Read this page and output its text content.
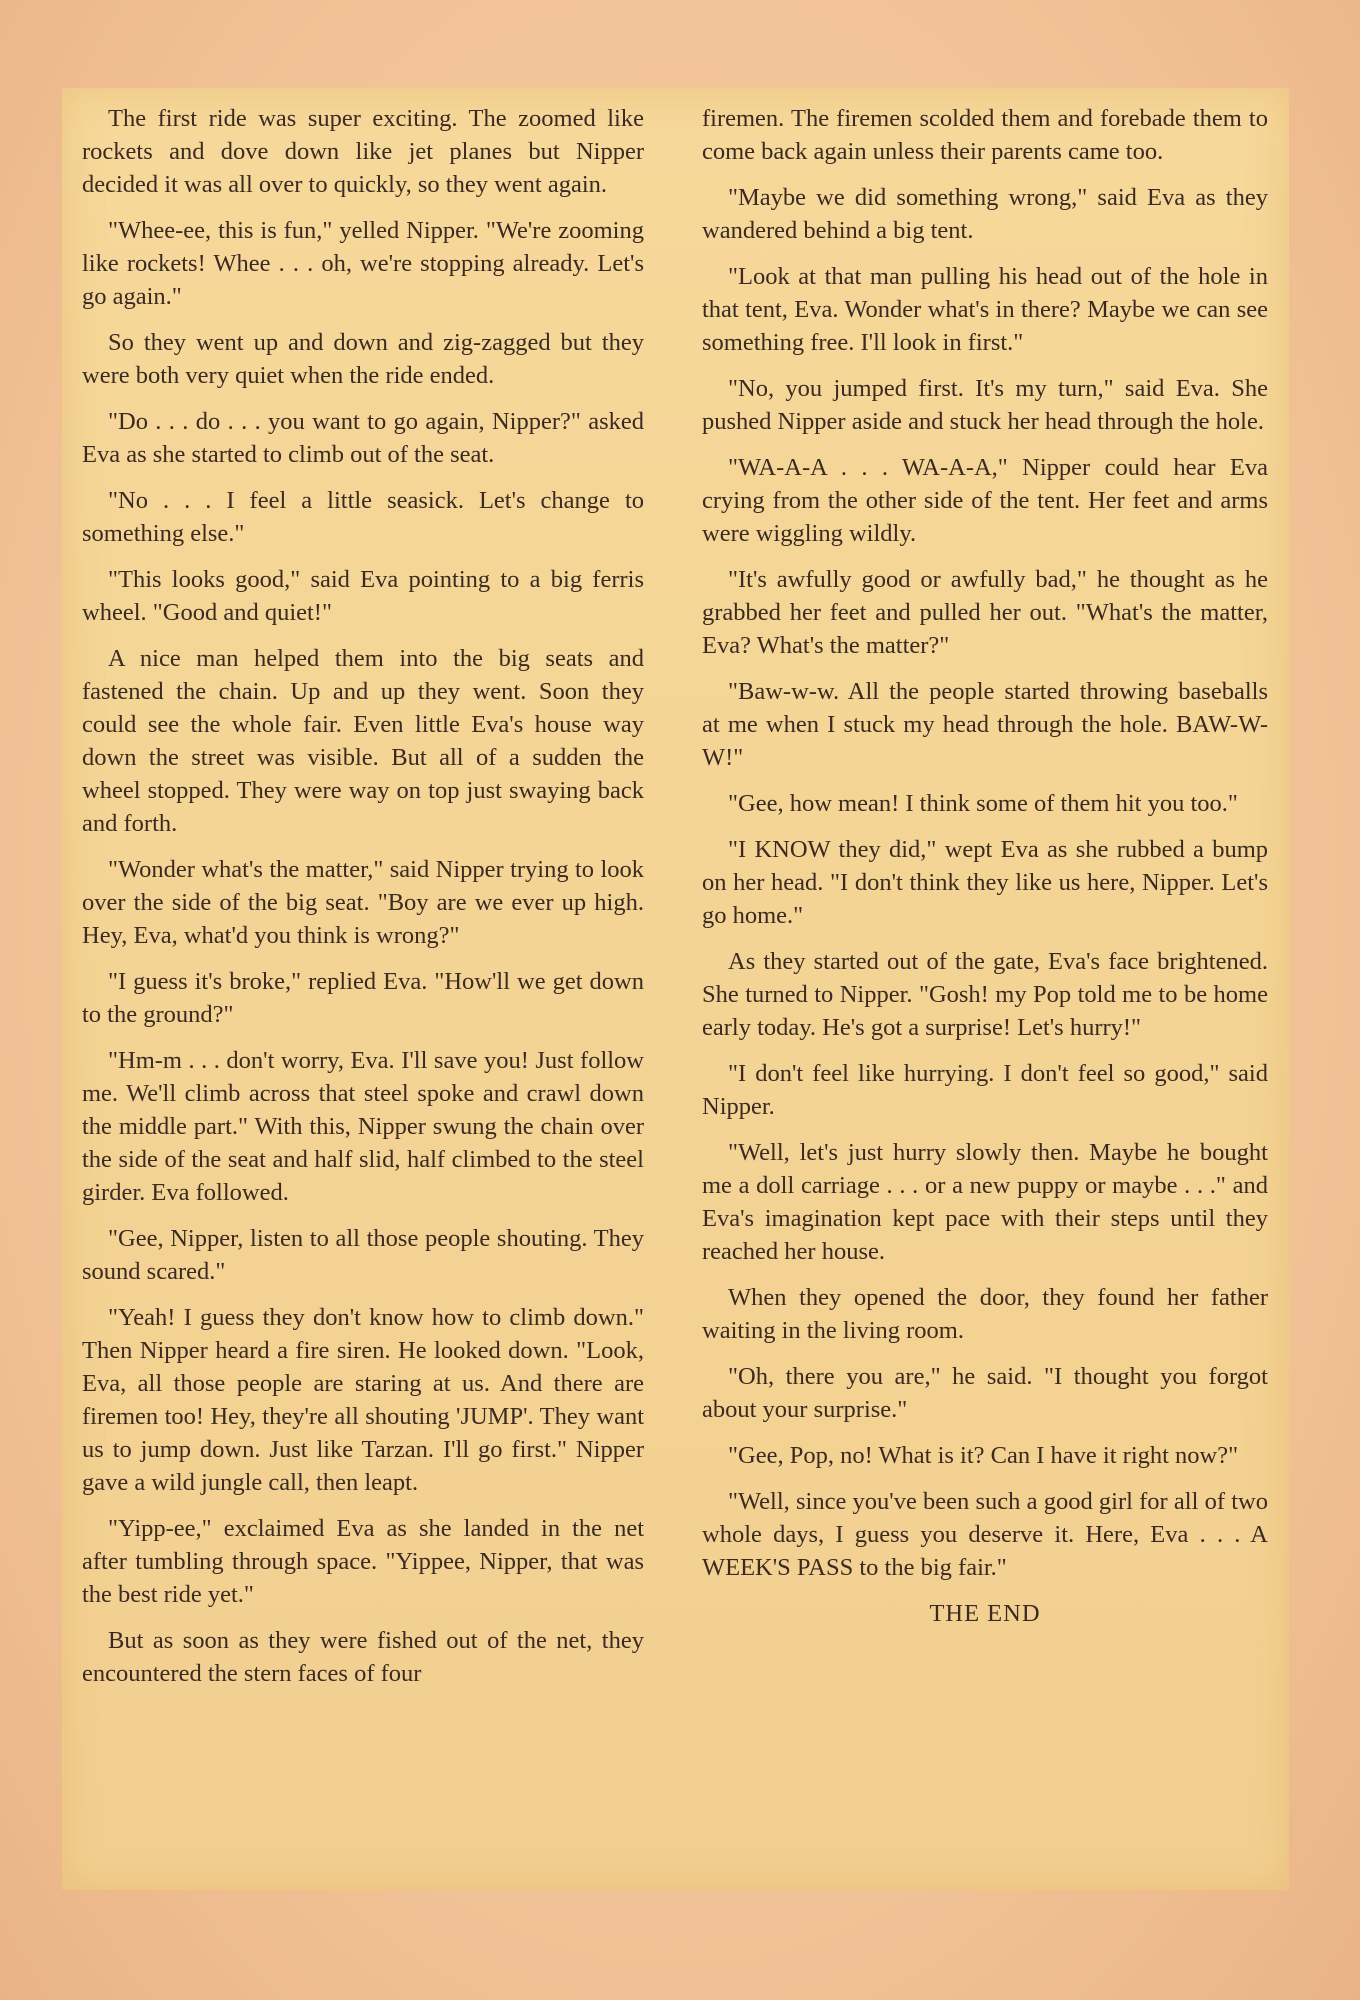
The first ride was super exciting. The zoomed like rockets and dove down like jet planes but Nipper decided it was all over to quickly, so they went again.

"Whee-ee, this is fun," yelled Nipper. "We're zooming like rockets! Whee . . . oh, we're stopping already. Let's go again."

So they went up and down and zig-zagged but they were both very quiet when the ride ended.

"Do . . . do . . . you want to go again, Nipper?" asked Eva as she started to climb out of the seat.

"No . . . I feel a little seasick. Let's change to something else."

"This looks good," said Eva pointing to a big ferris wheel. "Good and quiet!"

A nice man helped them into the big seats and fastened the chain. Up and up they went. Soon they could see the whole fair. Even little Eva's house way down the street was visible. But all of a sudden the wheel stopped. They were way on top just swaying back and forth.

"Wonder what's the matter," said Nipper trying to look over the side of the big seat. "Boy are we ever up high. Hey, Eva, what'd you think is wrong?"

"I guess it's broke," replied Eva. "How'll we get down to the ground?"

"Hm-m . . . don't worry, Eva. I'll save you! Just follow me. We'll climb across that steel spoke and crawl down the middle part." With this, Nipper swung the chain over the side of the seat and half slid, half climbed to the steel girder. Eva followed.

"Gee, Nipper, listen to all those people shouting. They sound scared."

"Yeah! I guess they don't know how to climb down." Then Nipper heard a fire siren. He looked down. "Look, Eva, all those people are staring at us. And there are firemen too! Hey, they're all shouting 'JUMP'. They want us to jump down. Just like Tarzan. I'll go first." Nipper gave a wild jungle call, then leapt.

"Yipp-ee," exclaimed Eva as she landed in the net after tumbling through space. "Yippee, Nipper, that was the best ride yet."

But as soon as they were fished out of the net, they encountered the stern faces of four

firemen. The firemen scolded them and forebade them to come back again unless their parents came too.

"Maybe we did something wrong," said Eva as they wandered behind a big tent.

"Look at that man pulling his head out of the hole in that tent, Eva. Wonder what's in there? Maybe we can see something free. I'll look in first."

"No, you jumped first. It's my turn," said Eva. She pushed Nipper aside and stuck her head through the hole.

"WA-A-A . . . WA-A-A," Nipper could hear Eva crying from the other side of the tent. Her feet and arms were wiggling wildly.

"It's awfully good or awfully bad," he thought as he grabbed her feet and pulled her out. "What's the matter, Eva? What's the matter?"

"Baw-w-w. All the people started throwing baseballs at me when I stuck my head through the hole. BAW-W-W!"

"Gee, how mean! I think some of them hit you too."

"I KNOW they did," wept Eva as she rubbed a bump on her head. "I don't think they like us here, Nipper. Let's go home."

As they started out of the gate, Eva's face brightened. She turned to Nipper. "Gosh! my Pop told me to be home early today. He's got a surprise! Let's hurry!"

"I don't feel like hurrying. I don't feel so good," said Nipper.

"Well, let's just hurry slowly then. Maybe he bought me a doll carriage . . . or a new puppy or maybe . . ." and Eva's imagination kept pace with their steps until they reached her house.

When they opened the door, they found her father waiting in the living room.

"Oh, there you are," he said. "I thought you forgot about your surprise."

"Gee, Pop, no! What is it? Can I have it right now?"

"Well, since you've been such a good girl for all of two whole days, I guess you deserve it. Here, Eva . . . A WEEK'S PASS to the big fair."

THE END
